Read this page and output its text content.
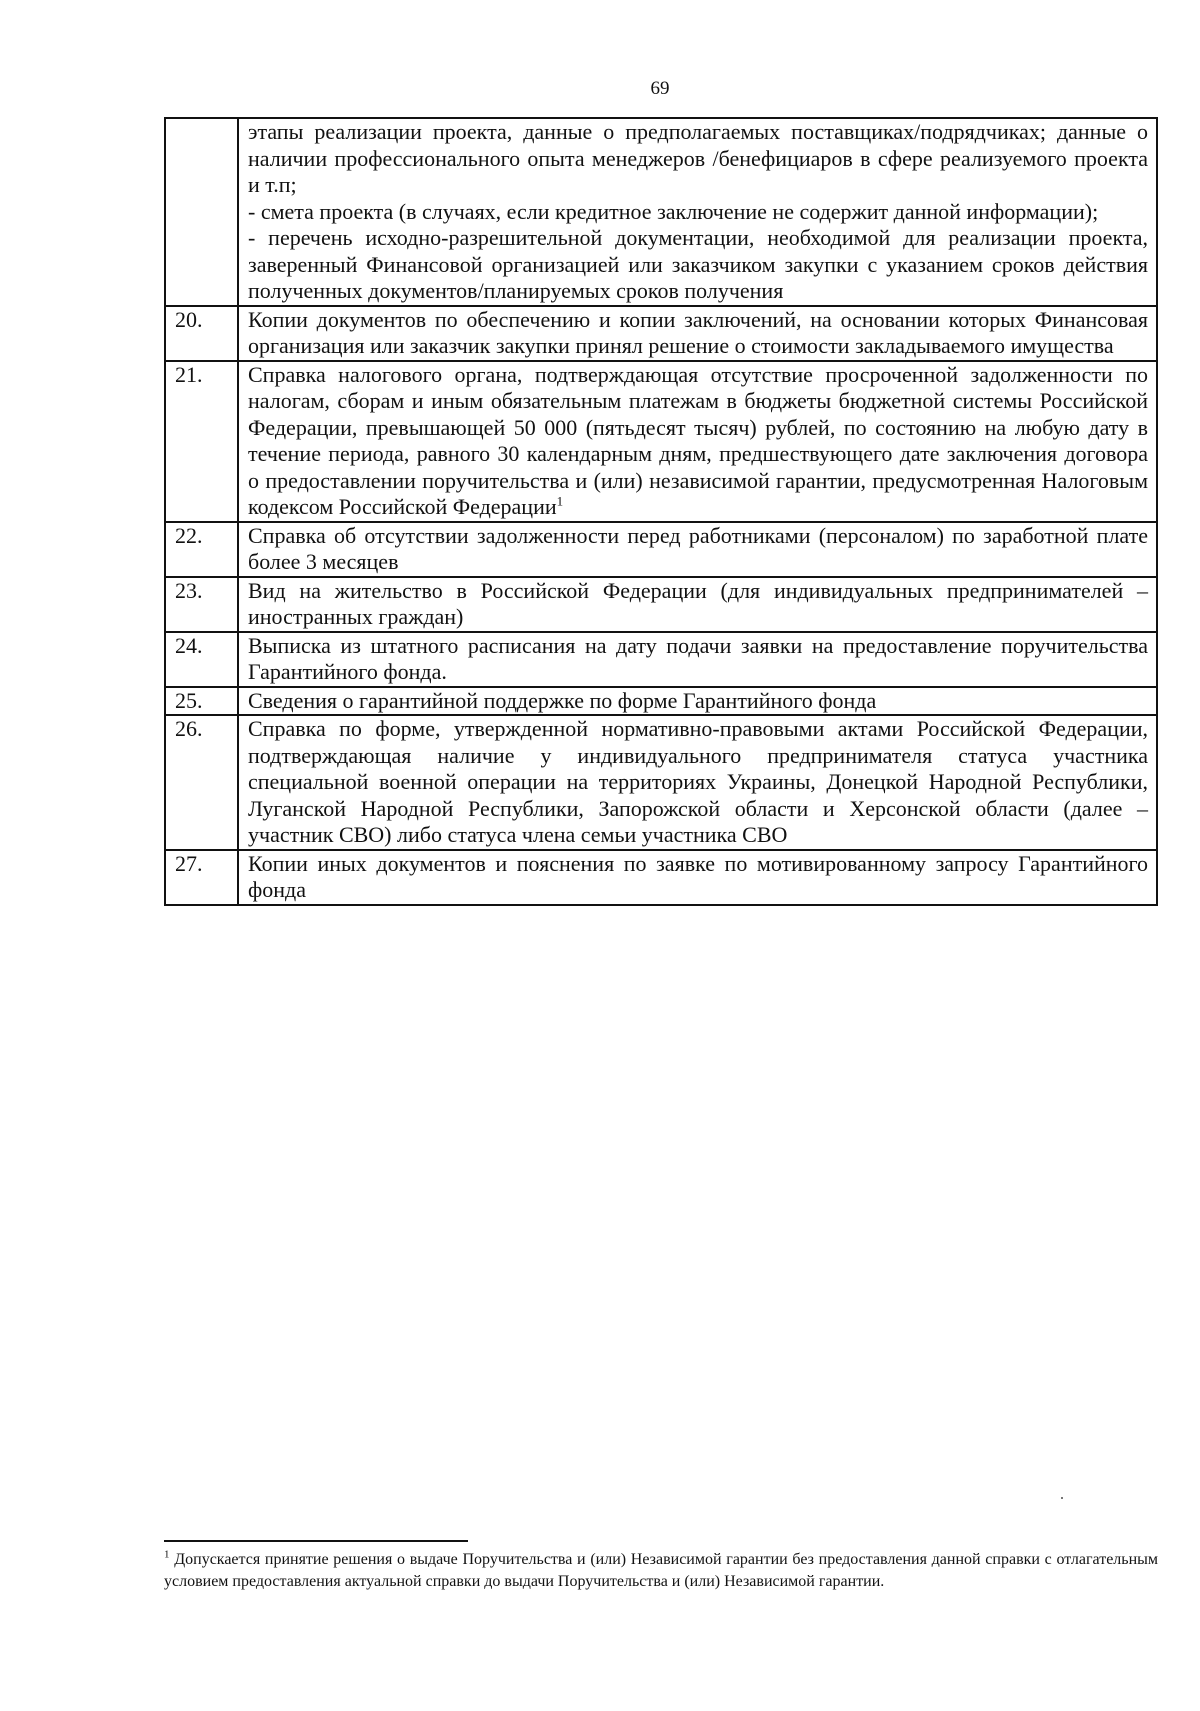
69

	этапы реализации проекта, данные о предполагаемых поставщиках/подрядчиках; данные о наличии профессионального опыта менеджеров /бенефициаров в сфере реализуемого проекта и т.п;
- смета проекта (в случаях, если кредитное заключение не содержит данной информации);
- перечень исходно-разрешительной документации, необходимой для реализации проекта, заверенный Финансовой организацией или заказчиком закупки с указанием сроков действия полученных документов/планируемых сроков получения

20.	Копии документов по обеспечению и копии заключений, на основании которых Финансовая организация или заказчик закупки принял решение о стоимости закладываемого имущества
21.	Справка налогового органа, подтверждающая отсутствие просроченной задолженности по налогам, сборам и иным обязательным платежам в бюджеты бюджетной системы Российской Федерации, превышающей 50 000 (пятьдесят тысяч) рублей, по состоянию на любую дату в течение периода, равного 30 календарным дням, предшествующего дате заключения договора о предоставлении поручительства и (или) независимой гарантии, предусмотренная Налоговым кодексом Российской Федерации$^1$
22.	Справка об отсутствии задолженности перед работниками (персоналом) по заработной плате более 3 месяцев
23.	Вид на жительство в Российской Федерации (для индивидуальных предпринимателей – иностранных граждан)
24.	Выписка из штатного расписания на дату подачи заявки на предоставление поручительства Гарантийного фонда.
25.	Сведения о гарантийной поддержке по форме Гарантийного фонда
26.	Справка по форме, утвержденной нормативно-правовыми актами Российской Федерации, подтверждающая наличие у индивидуального предпринимателя статуса участника специальной военной операции на территориях Украины, Донецкой Народной Республики, Луганской Народной Республики, Запорожской области и Херсонской области (далее – участник СВО) либо статуса члена семьи участника СВО
27.	Копии иных документов и пояснения по заявке по мотивированному запросу Гарантийного фонда
$^1$ Допускается принятие решения о выдаче Поручительства и (или) Независимой гарантии без предоставления данной справки с отлагательным условием предоставления актуальной справки до выдачи Поручительства и (или) Независимой гарантии.
